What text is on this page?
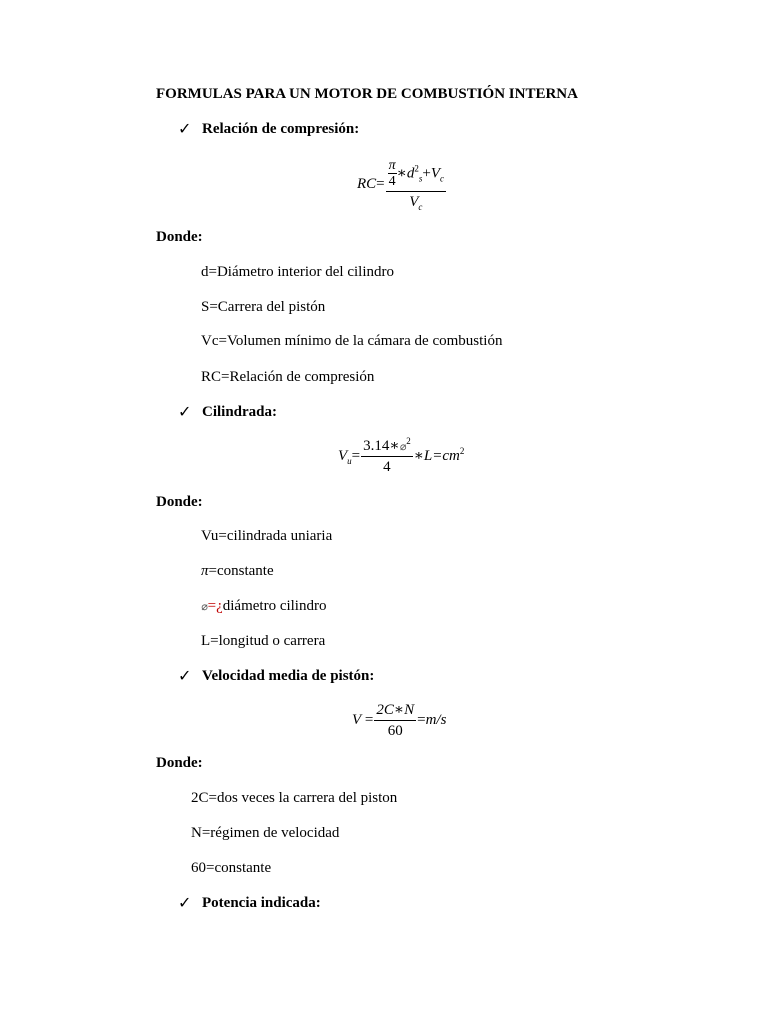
FORMULAS PARA UN MOTOR DE COMBUSTIÓN INTERNA
✓ Relación de compresión:
$RC= \frac{\frac{\pi}{4} ∗d^2_s+V_c}{V_c}$
Donde:
d=Diámetro interior del cilindro
S=Carrera del pistón
Vc=Volumen mínimo de la cámara de combustión
RC=Relación de compresión
✓ Cilindrada:
$V_u= \frac{3.14∗⌀^2}{4}$ $∗L=cm^2$
Donde:
Vu=cilindrada uniaria
π=constante
⌀=¿diámetro cilindro
L=longitud o carrera
✓ Velocidad media de pistón:
$V = \frac{2C∗N}{60} =m/s$
Donde:
2C=dos veces la carrera del piston
N=régimen de velocidad
60=constante
✓ Potencia indicada:
